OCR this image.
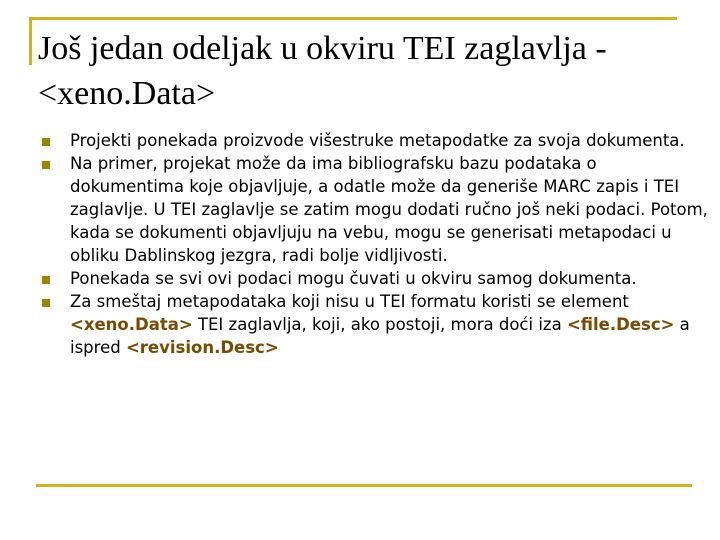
Još jedan odeljak u okviru TEI zaglavlja -
<xeno.Data>
Projekti ponekada proizvode višestruke metapodatke za svoja dokumenta.
Na primer, projekat može da ima bibliografsku bazu podataka o dokumentima koje objavljuje, a odatle može da generiše MARC zapis i TEI zaglavlje. U TEI zaglavlje se zatim mogu dodati ručno još neki podaci. Potom, kada se dokumenti objavljuju na vebu, mogu se generisati metapodaci u obliku Dablinskog jezgra, radi bolje vidljivosti.
Ponekada se svi ovi podaci mogu čuvati u okviru samog dokumenta.
Za smeštaj metapodataka koji nisu u TEI formatu koristi se element <xeno.Data> TEI zaglavlja, koji, ako postoji, mora doći iza <file.Desc> a ispred <revision.Desc>
